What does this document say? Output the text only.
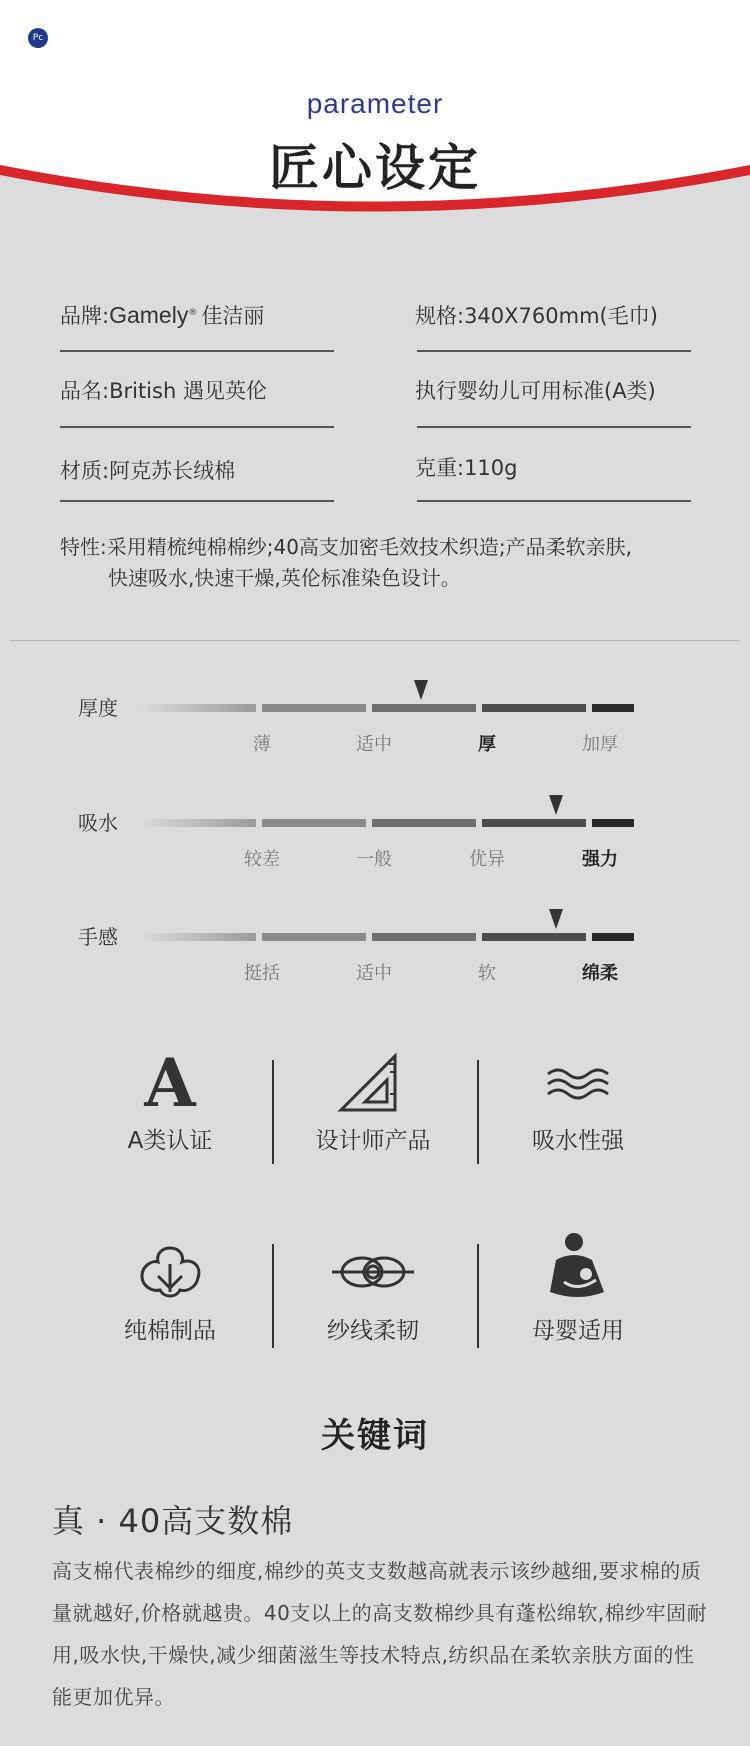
Pc
parameter
匠心设定
品牌:Gamely® 佳洁丽	规格:340X760mm(毛巾)
品名:British 遇见英伦	执行婴幼儿可用标准(A类)
材质:阿克苏长绒棉	克重:110g
特性:采用精梳纯棉棉纱;40高支加密毛效技术织造;产品柔软亲肤,
快速吸水,快速干燥,英伦标准染色设计。
厚度
薄	适中	厚	加厚
吸水
较差	一般	优异	强力
手感
挺括	适中	软	绵柔
A
A类认证	设计师产品	吸水性强
纯棉制品	纱线柔韧	母婴适用
关键词
真 · 40高支数棉
高支棉代表棉纱的细度,棉纱的英支支数越高就表示该纱越细,要求棉的质量就越好,价格就越贵。40支以上的高支数棉纱具有蓬松绵软,棉纱牢固耐用,吸水快,干燥快,减少细菌滋生等技术特点,纺织品在柔软亲肤方面的性能更加优异。
